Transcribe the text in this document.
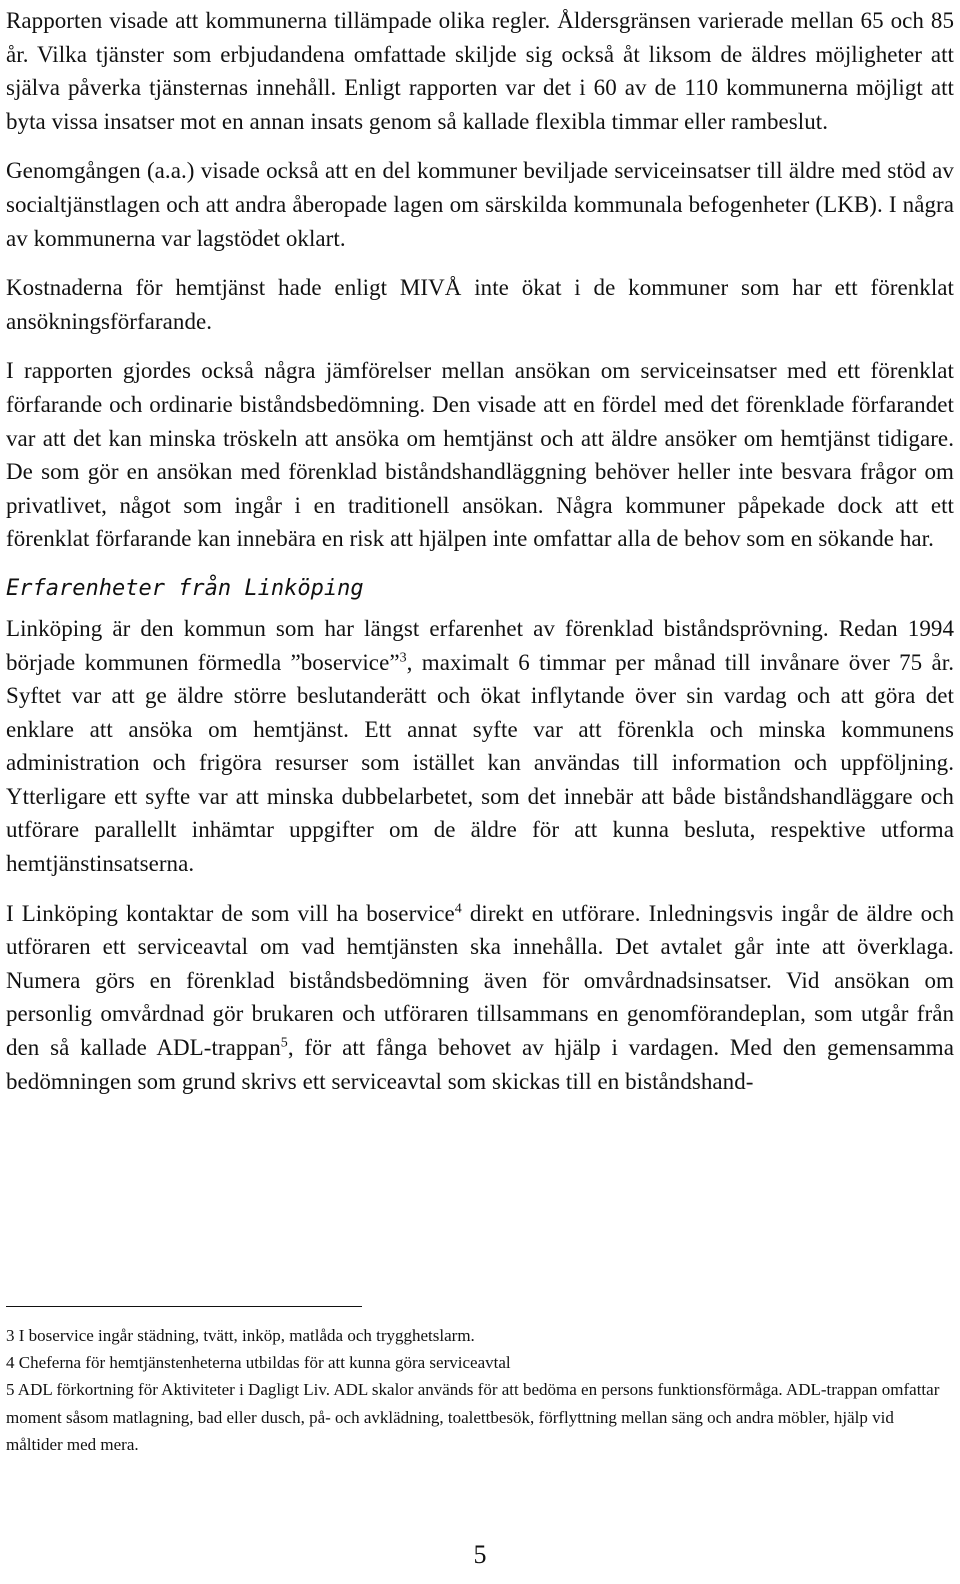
Rapporten visade att kommunerna tillämpade olika regler. Åldersgränsen varierade mellan 65 och 85 år. Vilka tjänster som erbjudandena omfattade skiljde sig också åt liksom de äldres möjligheter att själva påverka tjänsternas innehåll. Enligt rapporten var det i 60 av de 110 kommunerna möjligt att byta vissa insatser mot en annan insats genom så kallade flexibla timmar eller rambeslut.

Genomgången (a.a.) visade också att en del kommuner beviljade serviceinsatser till äldre med stöd av socialtjänstlagen och att andra åberopade lagen om särskilda kommunala befogenheter (LKB). I några av kommunerna var lagstödet oklart.

Kostnaderna för hemtjänst hade enligt MIVÅ inte ökat i de kommuner som har ett förenklat ansökningsförfarande.

I rapporten gjordes också några jämförelser mellan ansökan om serviceinsatser med ett förenklat förfarande och ordinarie biståndsbedömning. Den visade att en fördel med det förenklade förfarandet var att det kan minska tröskeln att ansöka om hemtjänst och att äldre ansöker om hemtjänst tidigare. De som gör en ansökan med förenklad biståndshandläggning behöver heller inte besvara frågor om privatlivet, något som ingår i en traditionell ansökan. Några kommuner påpekade dock att ett förenklat förfarande kan innebära en risk att hjälpen inte omfattar alla de behov som en sökande har.

Erfarenheter från Linköping

Linköping är den kommun som har längst erfarenhet av förenklad biståndsprövning. Redan 1994 började kommunen förmedla ”boservice”$^3$, maximalt 6 timmar per månad till invånare över 75 år. Syftet var att ge äldre större beslutanderätt och ökat inflytande över sin vardag och att göra det enklare att ansöka om hemtjänst. Ett annat syfte var att förenkla och minska kommunens administration och frigöra resurser som istället kan användas till information och uppföljning. Ytterligare ett syfte var att minska dubbelarbetet, som det innebär att både biståndshandläggare och utförare parallellt inhämtar uppgifter om de äldre för att kunna besluta, respektive utforma hemtjänstinsatserna.

I Linköping kontaktar de som vill ha boservice$^4$ direkt en utförare. Inledningsvis ingår de äldre och utföraren ett serviceavtal om vad hemtjänsten ska innehålla. Det avtalet går inte att överklaga. Numera görs en förenklad biståndsbedömning även för omvårdnadsinsatser. Vid ansökan om personlig omvårdnad gör brukaren och utföraren tillsammans en genomförandeplan, som utgår från den så kallade ADL-trappan$^5$, för att fånga behovet av hjälp i vardagen. Med den gemensamma bedömningen som grund skrivs ett serviceavtal som skickas till en biståndshand-

3 I boservice ingår städning, tvätt, inköp, matlåda och trygghetslarm.

4 Cheferna för hemtjänstenheterna utbildas för att kunna göra serviceavtal

5 ADL förkortning för Aktiviteter i Dagligt Liv. ADL skalor används för att bedöma en persons funktionsförmåga. ADL-trappan omfattar moment såsom matlagning, bad eller dusch, på- och avklädning, toalettbesök, förflyttning mellan säng och andra möbler, hjälp vid måltider med mera.

5
